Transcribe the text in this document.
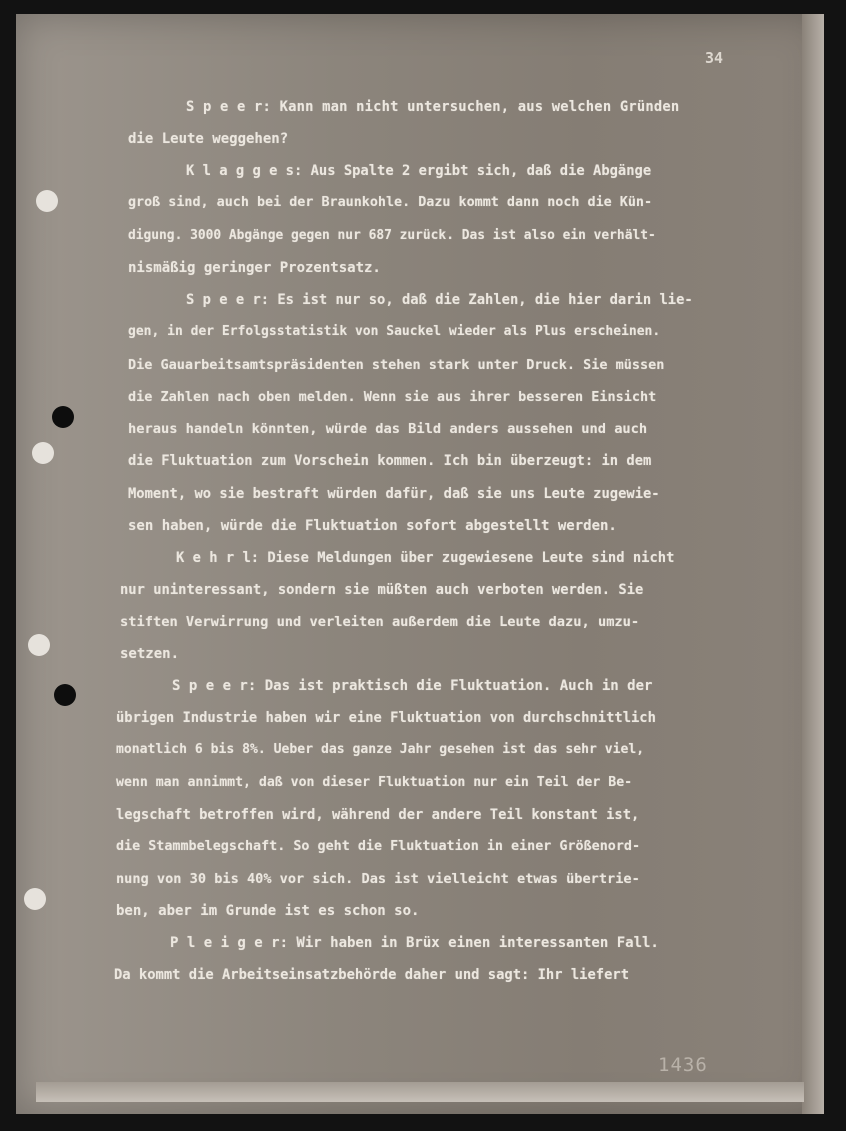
34
S p e e r: Kann man nicht untersuchen, aus welchen Gründen
die Leute weggehen?
K l a g g e s: Aus Spalte 2 ergibt sich, daß die Abgänge
groß sind, auch bei der Braunkohle. Dazu kommt dann noch die Kün-
digung. 3000 Abgänge gegen nur 687 zurück. Das ist also ein verhält-
nismäßig geringer Prozentsatz.
S p e e r: Es ist nur so, daß die Zahlen, die hier darin lie-
gen, in der Erfolgsstatistik von Sauckel wieder als Plus erscheinen.
Die Gauarbeitsamtspräsidenten stehen stark unter Druck. Sie müssen
die Zahlen nach oben melden. Wenn sie aus ihrer besseren Einsicht
heraus handeln könnten, würde das Bild anders aussehen und auch
die Fluktuation zum Vorschein kommen. Ich bin überzeugt: in dem
Moment, wo sie bestraft würden dafür, daß sie uns Leute zugewie-
sen haben, würde die Fluktuation sofort abgestellt werden.
K e h r l: Diese Meldungen über zugewiesene Leute sind nicht
nur uninteressant, sondern sie müßten auch verboten werden. Sie
stiften Verwirrung und verleiten außerdem die Leute dazu, umzu-
setzen.
S p e e r: Das ist praktisch die Fluktuation. Auch in der
übrigen Industrie haben wir eine Fluktuation von durchschnittlich
monatlich 6 bis 8%. Ueber das ganze Jahr gesehen ist das sehr viel,
wenn man annimmt, daß von dieser Fluktuation nur ein Teil der Be-
legschaft betroffen wird, während der andere Teil konstant ist,
die Stammbelegschaft. So geht die Fluktuation in einer Größenord-
nung von 30 bis 40% vor sich. Das ist vielleicht etwas übertrie-
ben, aber im Grunde ist es schon so.
P l e i g e r: Wir haben in Brüx einen interessanten Fall.
Da kommt die Arbeitseinsatzbehörde daher und sagt: Ihr liefert
1436
